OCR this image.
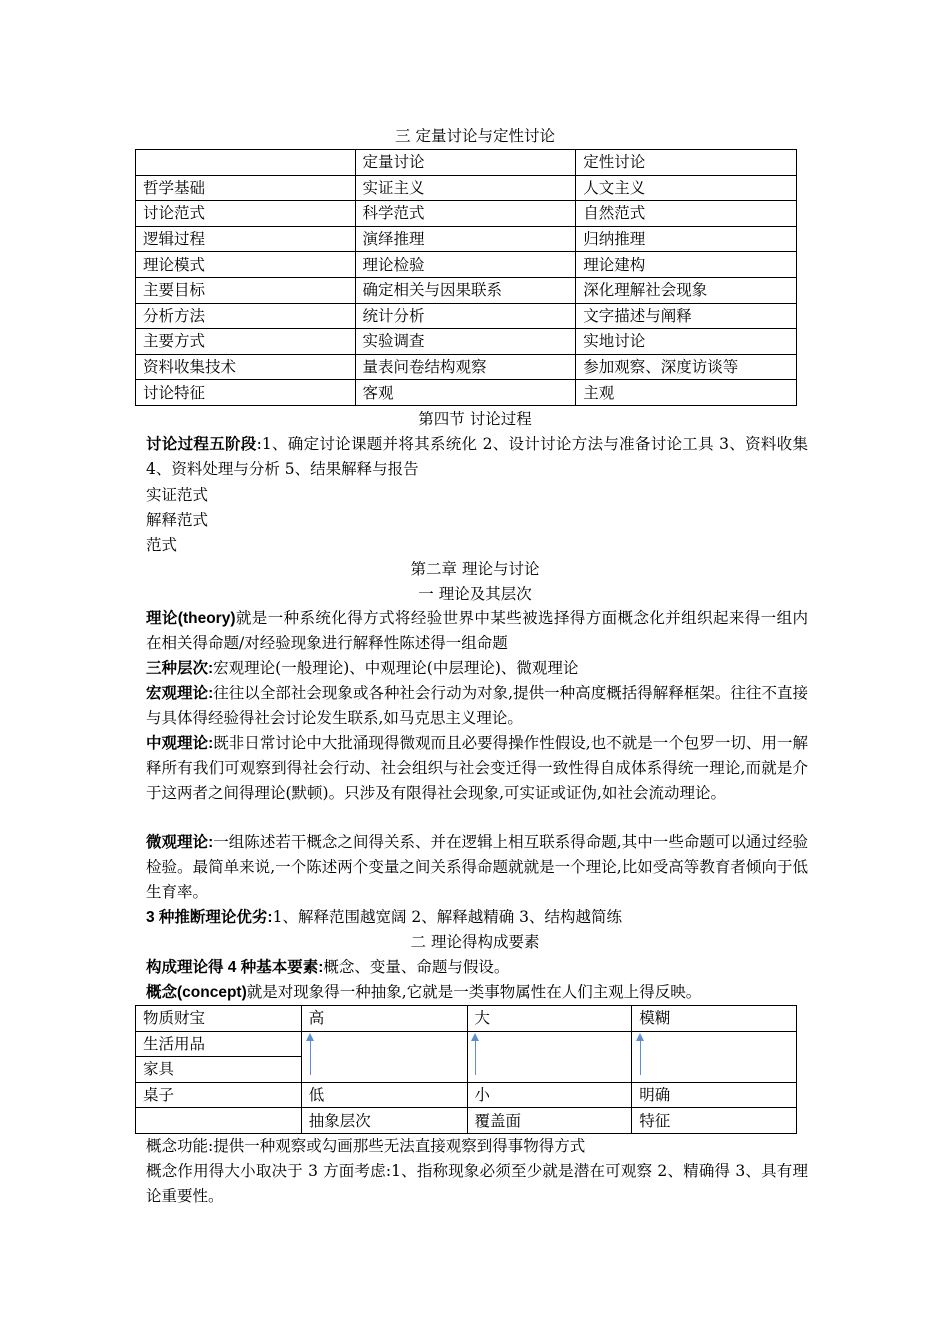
三 定量讨论与定性讨论
	定量讨论	定性讨论
哲学基础	实证主义	人文主义
讨论范式	科学范式	自然范式
逻辑过程	演绎推理	归纳推理
理论模式	理论检验	理论建构
主要目标	确定相关与因果联系	深化理解社会现象
分析方法	统计分析	文字描述与阐释
主要方式	实验调查	实地讨论
资料收集技术	量表问卷结构观察	参加观察、深度访谈等
讨论特征	客观	主观
第四节 讨论过程
讨论过程五阶段:1、确定讨论课题并将其系统化 2、设计讨论方法与准备讨论工具 3、资料收集 4、资料处理与分析 5、结果解释与报告
实证范式
解释范式
范式
第二章 理论与讨论
一 理论及其层次
理论(theory)就是一种系统化得方式将经验世界中某些被选择得方面概念化并组织起来得一组内在相关得命题/对经验现象进行解释性陈述得一组命题
三种层次:宏观理论(一般理论)、中观理论(中层理论)、微观理论
宏观理论:往往以全部社会现象或各种社会行动为对象,提供一种高度概括得解释框架。往往不直接与具体得经验得社会讨论发生联系,如马克思主义理论。
中观理论:既非日常讨论中大批涌现得微观而且必要得操作性假设,也不就是一个包罗一切、用一解释所有我们可观察到得社会行动、社会组织与社会变迁得一致性得自成体系得统一理论,而就是介于这两者之间得理论(默顿)。只涉及有限得社会现象,可实证或证伪,如社会流动理论。
微观理论:一组陈述若干概念之间得关系、并在逻辑上相互联系得命题,其中一些命题可以通过经验检验。最简单来说,一个陈述两个变量之间关系得命题就就是一个理论,比如受高等教育者倾向于低生育率。
3 种推断理论优劣:1、解释范围越宽阔 2、解释越精确 3、结构越简练
二 理论得构成要素
构成理论得 4 种基本要素:概念、变量、命题与假设。
概念(concept)就是对现象得一种抽象,它就是一类事物属性在人们主观上得反映。
物质财宝	高	大	模糊
生活用品			
家具			
桌子	低	小	明确
	抽象层次	覆盖面	特征
概念功能:提供一种观察或勾画那些无法直接观察到得事物得方式
概念作用得大小取决于 3 方面考虑:1、指称现象必须至少就是潜在可观察 2、精确得 3、具有理论重要性。
